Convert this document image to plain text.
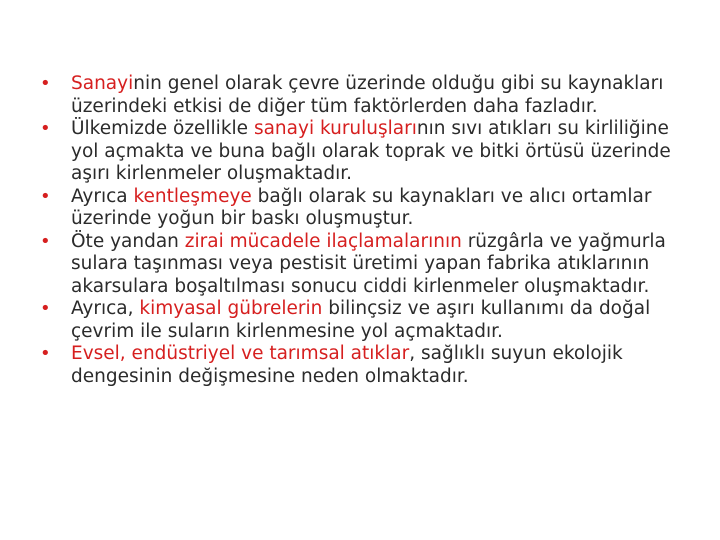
•	Sanayinin genel olarak çevre üzerinde olduğu gibi su kaynakları üzerindeki etkisi de diğer tüm faktörlerden daha fazladır.
•	Ülkemizde özellikle sanayi kuruluşlarının sıvı atıkları su kirliliğine yol açmakta ve buna bağlı olarak toprak ve bitki örtüsü üzerinde aşırı kirlenmeler oluşmaktadır.
•	Ayrıca kentleşmeye bağlı olarak su kaynakları ve alıcı ortamlar üzerinde yoğun bir baskı oluşmuştur.
•	Öte yandan zirai mücadele ilaçlamalarının rüzgârla ve yağmurla sulara taşınması veya pestisit üretimi yapan fabrika atıklarının akarsulara boşaltılması sonucu ciddi kirlenmeler oluşmaktadır.
•	Ayrıca, kimyasal gübrelerin bilinçsiz ve aşırı kullanımı da doğal çevrim ile suların kirlenmesine yol açmaktadır.
•	Evsel, endüstriyel ve tarımsal atıklar, sağlıklı suyun ekolojik dengesinin değişmesine neden olmaktadır.
